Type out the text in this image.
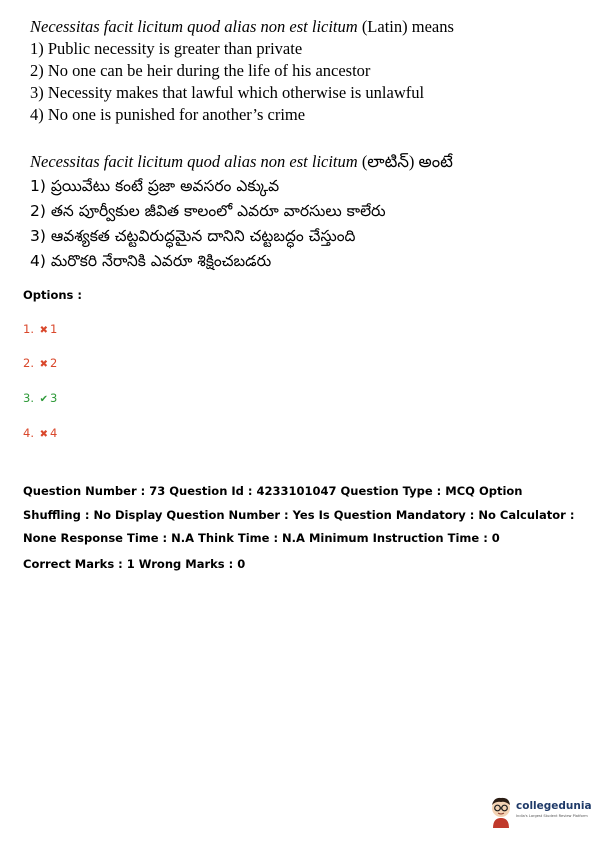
Necessitas facit licitum quod alias non est licitum (Latin) means
1) Public necessity is greater than private
2) No one can be heir during the life of his ancestor
3) Necessity makes that lawful which otherwise is unlawful
4) No one is punished for another’s crime
Necessitas facit licitum quod alias non est licitum (లాటిన్) అంటే
1) ప్రయివేటు కంటే ప్రజా అవసరం ఎక్కువ
2) తన పూర్వీకుల జీవిత కాలంలో ఎవరూ వారసులు కాలేరు
3) ఆవశ్యకత చట్టవిరుద్ధమైన దానిని చట్టబద్ధం చేస్తుంది
4) మరొకరి నేరానికి ఎవరూ శిక్షించబడరు
Options :
1. ✖ 1
2. ✖ 2
3. ✔ 3
4. ✖ 4
Question Number : 73 Question Id : 4233101047 Question Type : MCQ Option Shuffling : No Display Question Number : Yes Is Question Mandatory : No Calculator : None Response Time : N.A Think Time : N.A Minimum Instruction Time : 0
Correct Marks : 1 Wrong Marks : 0
collegedunia
India's Largest Student Review Platform
